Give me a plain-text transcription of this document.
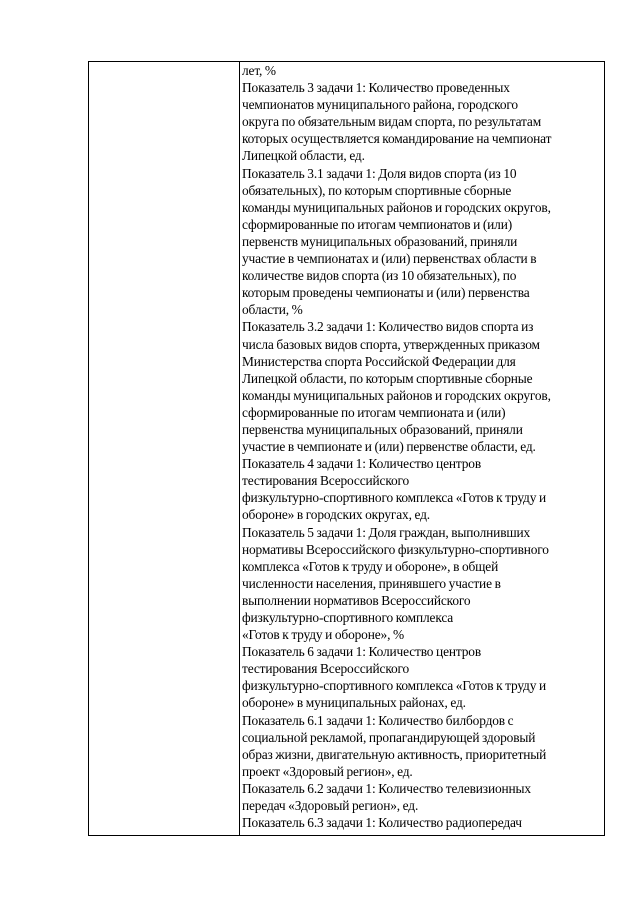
лет, %
Показатель 3 задачи 1: Количество проведенных
чемпионатов муниципального района, городского
округа по обязательным видам спорта, по результатам
которых осуществляется командирование на чемпионат
Липецкой области, ед.
Показатель 3.1 задачи 1: Доля видов спорта (из 10
обязательных), по которым спортивные сборные
команды муниципальных районов и городских округов,
сформированные по итогам чемпионатов и (или)
первенств муниципальных образований, приняли
участие в чемпионатах и (или) первенствах области в
количестве видов спорта (из 10 обязательных), по
которым проведены чемпионаты и (или) первенства
области, %
Показатель 3.2 задачи 1: Количество видов спорта из
числа базовых видов спорта, утвержденных приказом
Министерства спорта Российской Федерации для
Липецкой области, по которым спортивные сборные
команды муниципальных районов и городских округов,
сформированные по итогам чемпионата и (или)
первенства муниципальных образований, приняли
участие в чемпионате и (или) первенстве области, ед.
Показатель 4 задачи 1: Количество центров
тестирования Всероссийского
физкультурно-спортивного комплекса «Готов к труду и
обороне» в городских округах, ед.
Показатель 5 задачи 1: Доля граждан, выполнивших
нормативы Всероссийского физкультурно-спортивного
комплекса «Готов к труду и обороне», в общей
численности населения, принявшего участие в
выполнении нормативов Всероссийского
физкультурно-спортивного комплекса
«Готов к труду и обороне», %
Показатель 6 задачи 1: Количество центров
тестирования Всероссийского
физкультурно-спортивного комплекса «Готов к труду и
обороне» в муниципальных районах, ед.
Показатель 6.1 задачи 1: Количество билбордов с
социальной рекламой, пропагандирующей здоровый
образ жизни, двигательную активность, приоритетный
проект «Здоровый регион», ед.
Показатель 6.2 задачи 1: Количество телевизионных
передач «Здоровый регион», ед.
Показатель 6.3 задачи 1: Количество радиопередач
